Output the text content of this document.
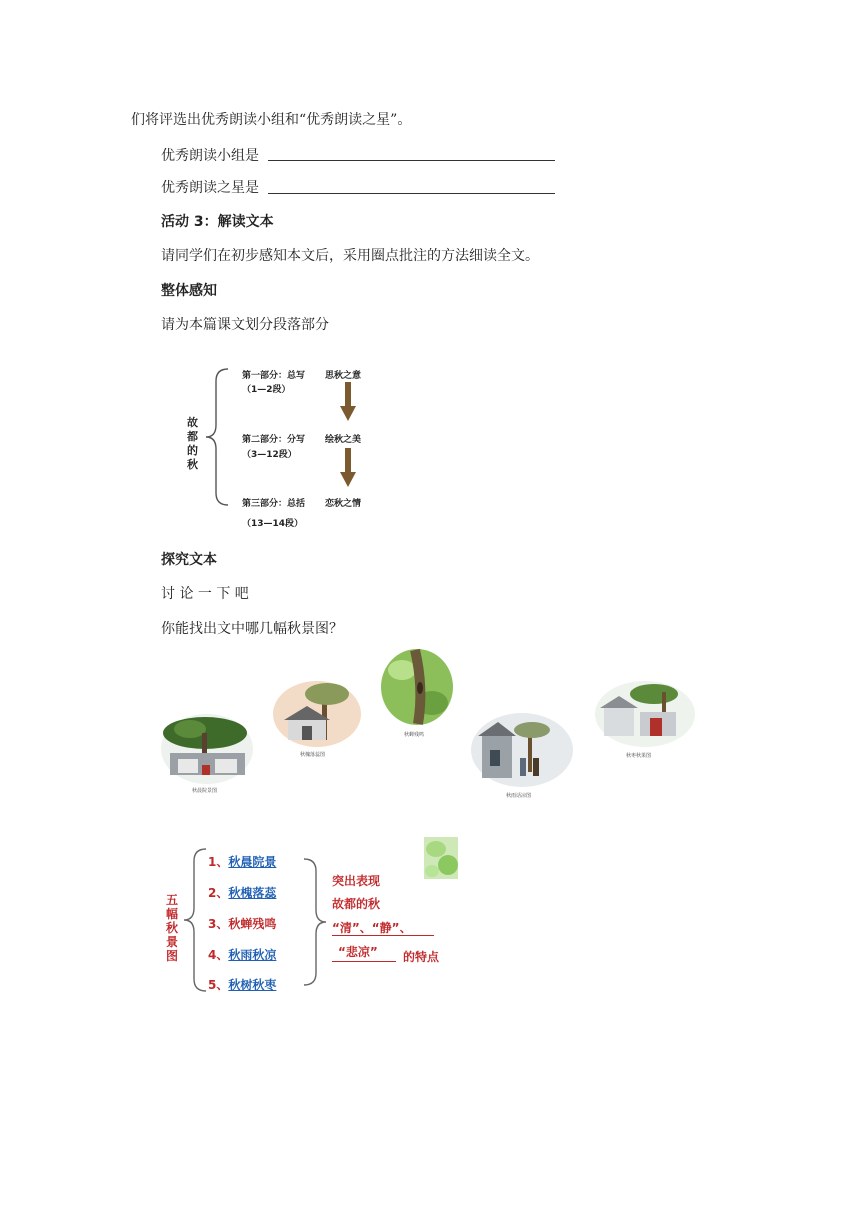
们将评选出优秀朗读小组和“优秀朗读之星”。
优秀朗读小组是
优秀朗读之星是
活动 3：解读文本
请同学们在初步感知本文后，采用圈点批注的方法细读全文。
整体感知
请为本篇课文划分段落部分
故
都
的
秋
第一部分：总写 思秋之意
（1—2段）
第二部分：分写 绘秋之美
（3—12段）
第三部分：总括 恋秋之情
（13—14段）
探究文本
讨 论 一 下 吧
你能找出文中哪几幅秋景图？
秋晨院景图
秋槐落蕊图
秋蝉残鸣
秋雨话凉图
秋枣秋果图
五
幅
秋
景
图
1、秋晨院景
2、秋槐落蕊
3、秋蝉残鸣
4、秋雨秋凉
5、秋树秋枣
突出表现
故都的秋
“清”、“静”、
“悲凉” 的特点
